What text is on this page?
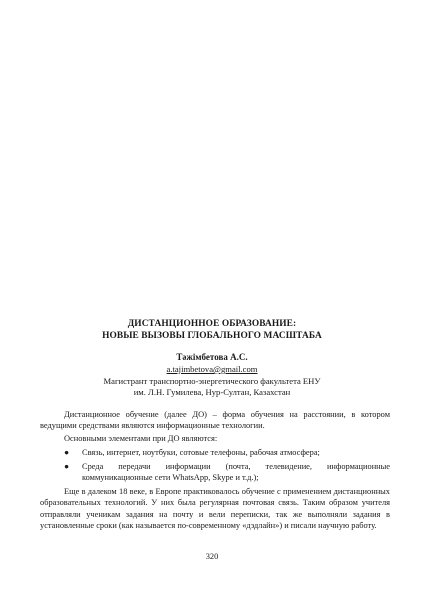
ДИСТАНЦИОННОЕ ОБРАЗОВАНИЕ:
НОВЫЕ ВЫЗОВЫ ГЛОБАЛЬНОГО МАСШТАБА
Тәжімбетова А.С.
a.tajimbetova@gmail.com
Магистрант транспортно-энергетического факультета ЕНУ
им. Л.Н. Гумилева, Нур-Султан, Казахстан

Дистанционное обучение (далее ДО) – форма обучения на расстоянии, в котором ведущими средствами являются информационные технологии.

Основными элементами при ДО являются:

● Связь, интернет, ноутбуки, сотовые телефоны, рабочая атмосфера;
● Среда передачи информации (почта, телевидение, информационные коммуникационные сети WhatsApp, Skype и т.д.);

Еще в далеком 18 веке, в Европе практиковалось обучение с применением дистанционных образовательных технологий. У них была регулярная почтовая связь. Таким образом учителя отправляли ученикам задания на почту и вели переписки, так же выполняли задания в установленные сроки (как называется по-современному «дэдлайн») и писали научную работу.

320
